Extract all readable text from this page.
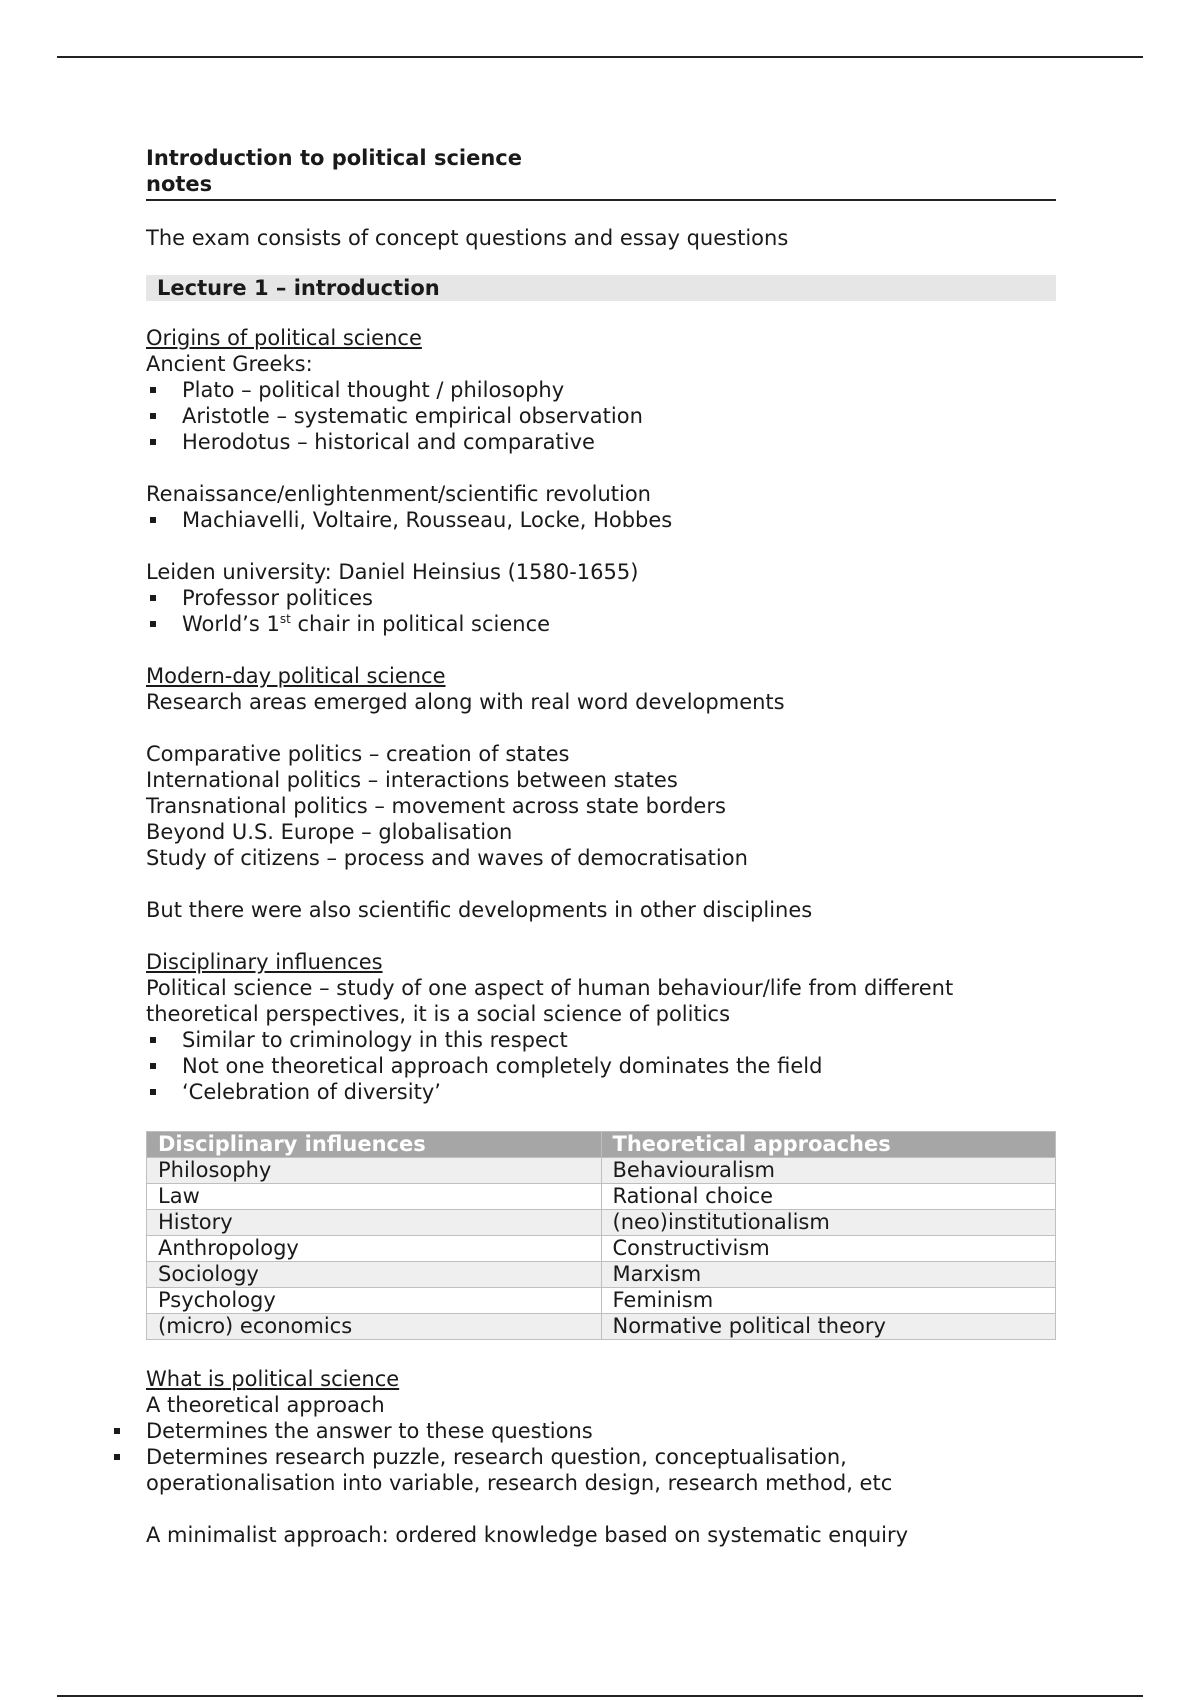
Introduction to political science
notes

The exam consists of concept questions and essay questions

Lecture 1 – introduction

Origins of political science

Ancient Greeks:

Plato – political thought / philosophy
Aristotle – systematic empirical observation
Herodotus – historical and comparative

Renaissance/enlightenment/scientific revolution

Machiavelli, Voltaire, Rousseau, Locke, Hobbes

Leiden university: Daniel Heinsius (1580-1655)

Professor politices
World’s 1st chair in political science

Modern-day political science

Research areas emerged along with real word developments

Comparative politics – creation of states

International politics – interactions between states

Transnational politics – movement across state borders

Beyond U.S. Europe – globalisation

Study of citizens – process and waves of democratisation

But there were also scientific developments in other disciplines

Disciplinary influences

Political science – study of one aspect of human behaviour/life from different

theoretical perspectives, it is a social science of politics

Similar to criminology in this respect
Not one theoretical approach completely dominates the field
‘Celebration of diversity’
Disciplinary influences	Theoretical approaches
Philosophy	Behaviouralism
Law	Rational choice
History	(neo)institutionalism
Anthropology	Constructivism
Sociology	Marxism
Psychology	Feminism
(micro) economics	Normative political theory

What is political science

A theoretical approach

Determines the answer to these questions
Determines research puzzle, research question, conceptualisation,
operationalisation into variable, research design, research method, etc

A minimalist approach: ordered knowledge based on systematic enquiry
